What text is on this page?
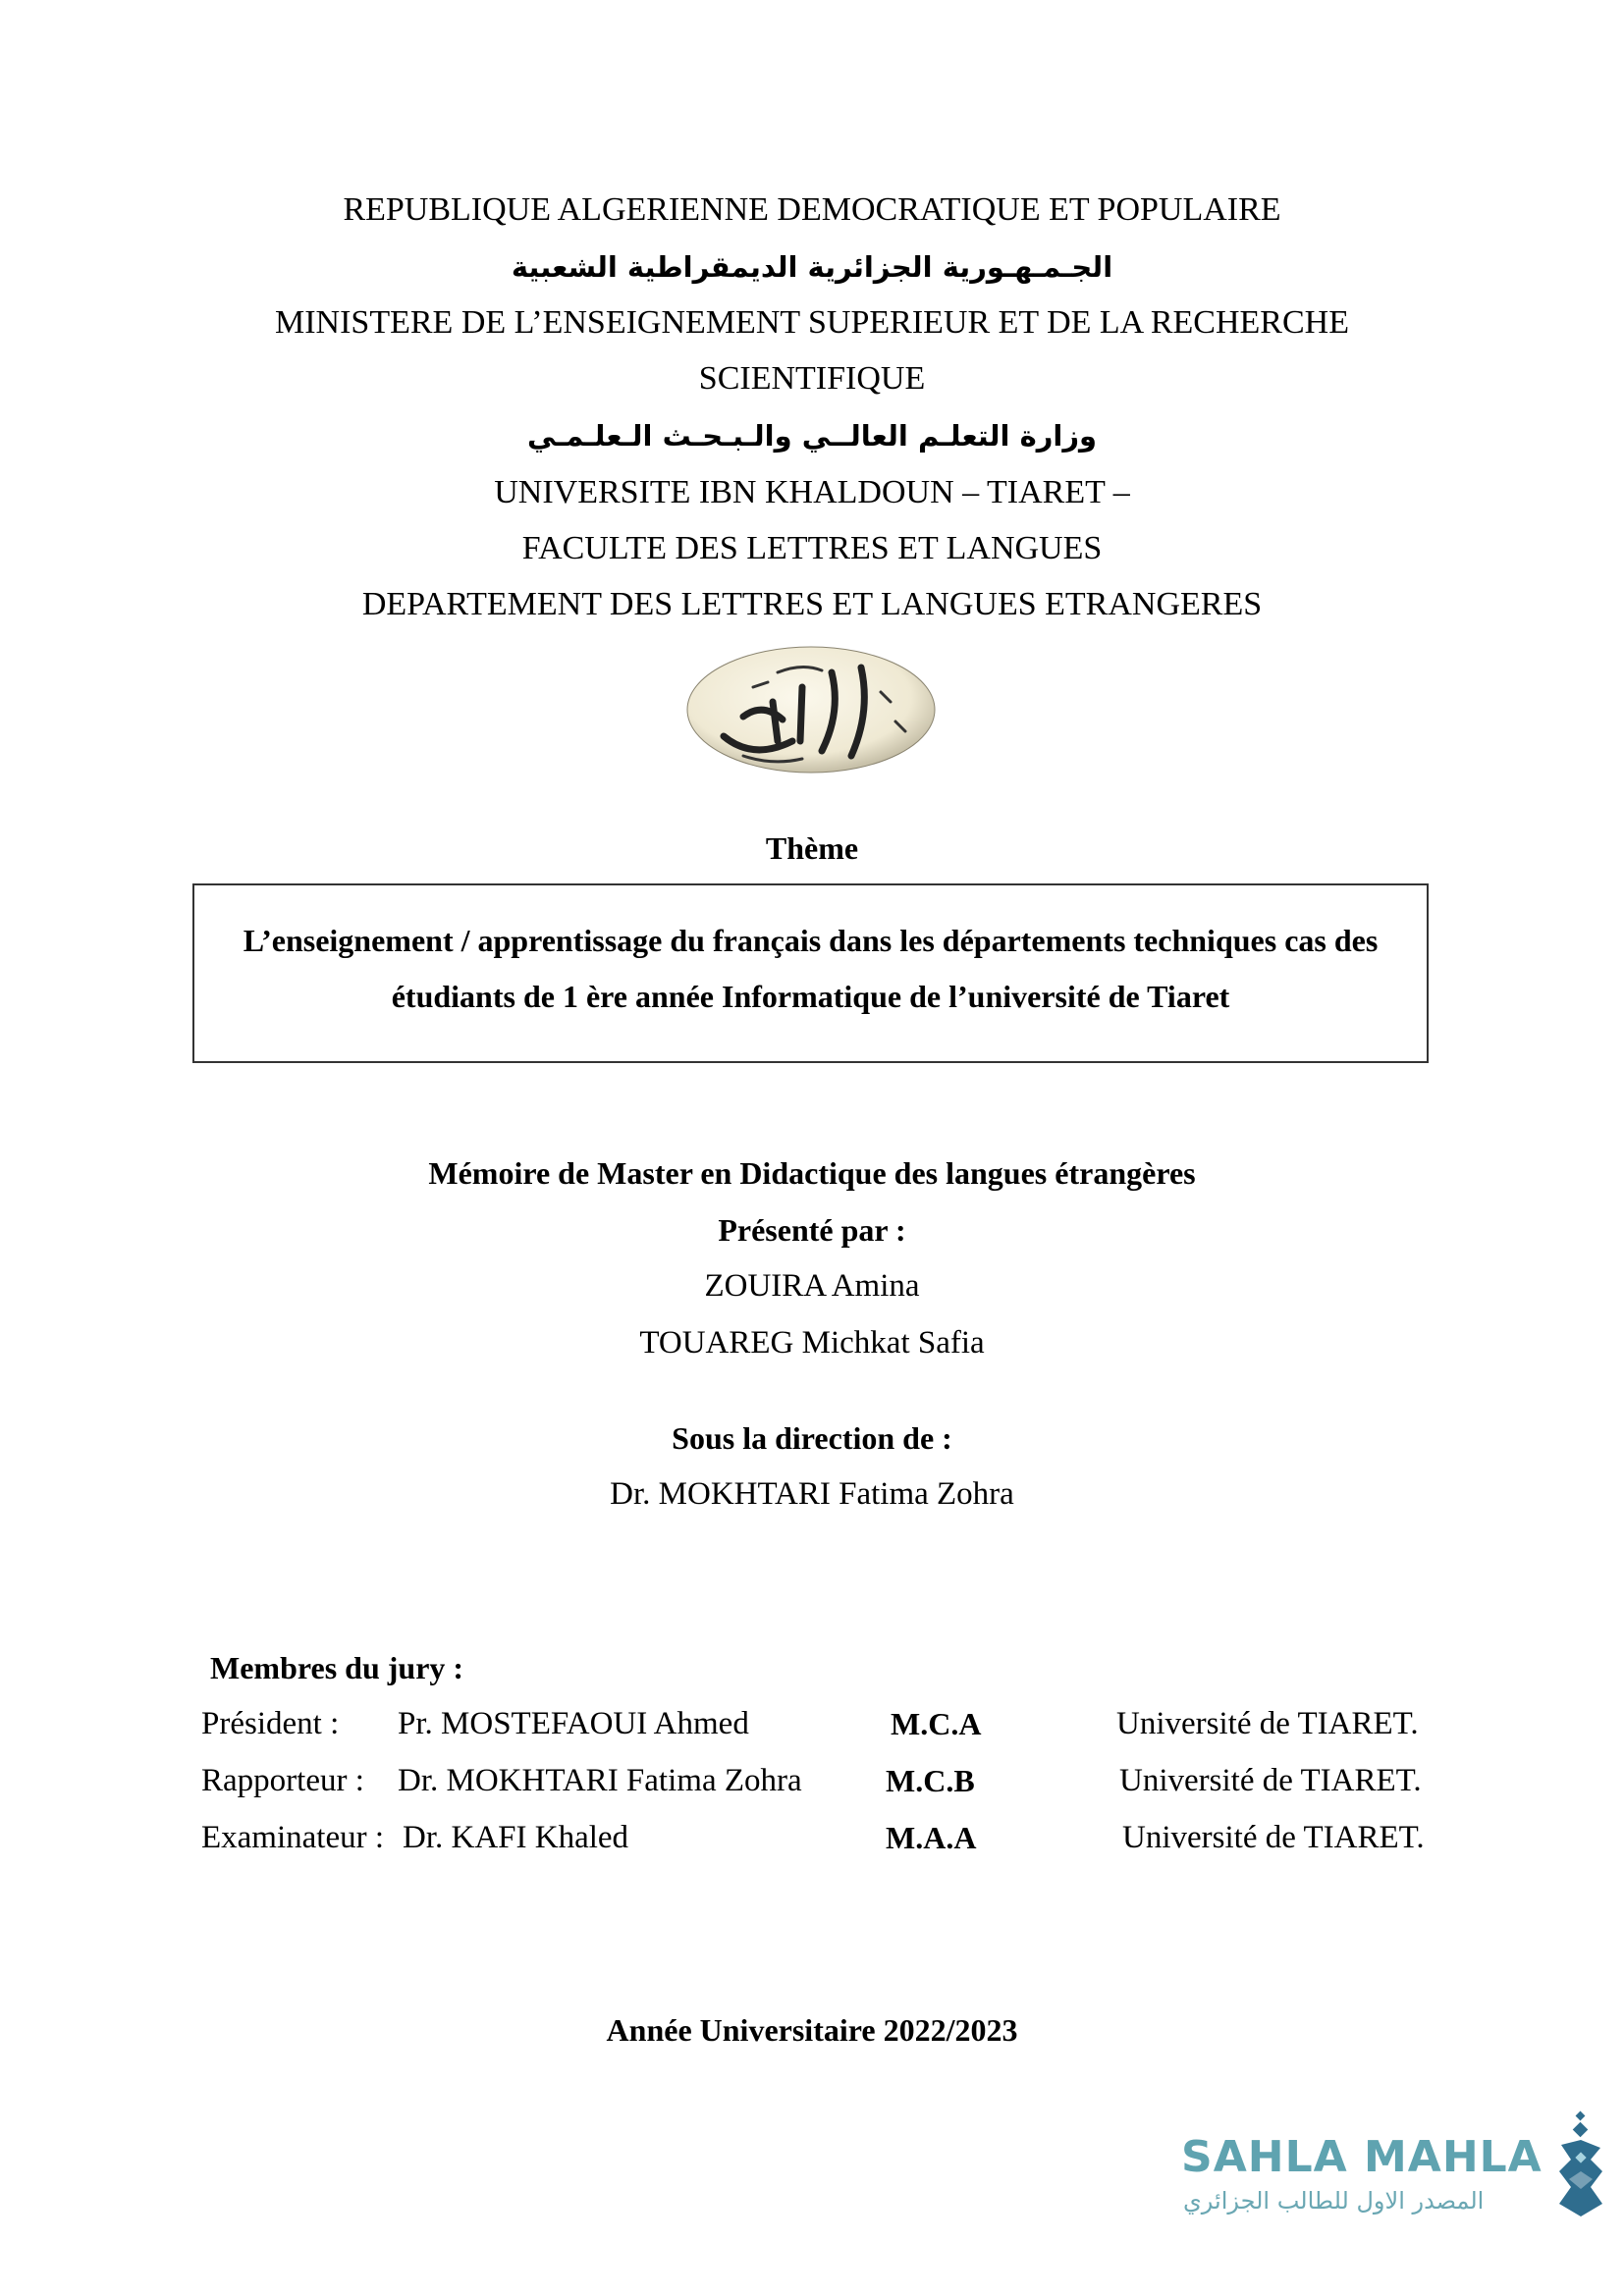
REPUBLIQUE ALGERIENNE DEMOCRATIQUE ET POPULAIRE
الجـمـهـورية الجزائرية الديمقراطية الشعبية
MINISTERE DE L’ENSEIGNEMENT SUPERIEUR ET DE LA RECHERCHE
SCIENTIFIQUE
وزارة التعلـم العالــي والـبـحـث الـعلـمـي
UNIVERSITE IBN KHALDOUN – TIARET –
FACULTE DES LETTRES ET LANGUES
DEPARTEMENT DES LETTRES ET LANGUES ETRANGERES
Thème
L’enseignement / apprentissage du français dans les départements techniques cas des
étudiants de 1 ère année Informatique de l’université de Tiaret
Mémoire de Master en Didactique des langues étrangères
Présenté par :
ZOUIRA Amina
TOUAREG Michkat Safia
Sous la direction de :
Dr. MOKHTARI Fatima Zohra
Membres du jury :
Président : Pr. MOSTEFAOUI Ahmed	M.C.A	Université de TIARET.
Rapporteur : Dr. MOKHTARI Fatima Zohra	M.C.B	Université de TIARET.
Examinateur : Dr. KAFI Khaled	M.A.A	Université de TIARET.
Année Universitaire 2022/2023
SAHLA MAHLA
المصدر الاول للطالب الجزائري
